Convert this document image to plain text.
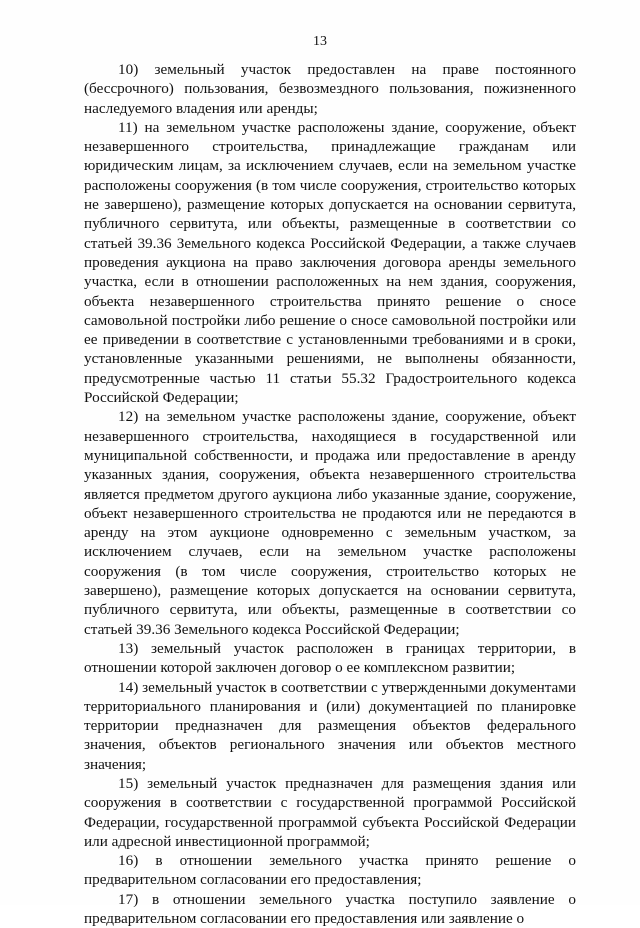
13

10) земельный участок предоставлен на праве постоянного (бессрочного) пользования, безвозмездного пользования, пожизненного наследуемого владения или аренды;

11) на земельном участке расположены здание, сооружение, объект незавершенного строительства, принадлежащие гражданам или юридическим лицам, за исключением случаев, если на земельном участке расположены сооружения (в том числе сооружения, строительство которых не завершено), размещение которых допускается на основании сервитута, публичного сервитута, или объекты, размещенные в соответствии со статьей 39.36 Земельного кодекса Российской Федерации, а также случаев проведения аукциона на право заключения договора аренды земельного участка, если в отношении расположенных на нем здания, сооружения, объекта незавершенного строительства принято решение о сносе самовольной постройки либо решение о сносе самовольной постройки или ее приведении в соответствие с установленными требованиями и в сроки, установленные указанными решениями, не выполнены обязанности, предусмотренные частью 11 статьи 55.32 Градостроительного кодекса Российской Федерации;

12) на земельном участке расположены здание, сооружение, объект незавершенного строительства, находящиеся в государственной или муниципальной собственности, и продажа или предоставление в аренду указанных здания, сооружения, объекта незавершенного строительства является предметом другого аукциона либо указанные здание, сооружение, объект незавершенного строительства не продаются или не передаются в аренду на этом аукционе одновременно с земельным участком, за исключением случаев, если на земельном участке расположены сооружения (в том числе сооружения, строительство которых не завершено), размещение которых допускается на основании сервитута, публичного сервитута, или объекты, размещенные в соответствии со статьей 39.36 Земельного кодекса Российской Федерации;

13) земельный участок расположен в границах территории, в отношении которой заключен договор о ее комплексном развитии;

14) земельный участок в соответствии с утвержденными документами территориального планирования и (или) документацией по планировке территории предназначен для размещения объектов федерального значения, объектов регионального значения или объектов местного значения;

15) земельный участок предназначен для размещения здания или сооружения в соответствии с государственной программой Российской Федерации, государственной программой субъекта Российской Федерации или адресной инвестиционной программой;

16) в отношении земельного участка принято решение о предварительном согласовании его предоставления;

17) в отношении земельного участка поступило заявление о предварительном согласовании его предоставления или заявление о
